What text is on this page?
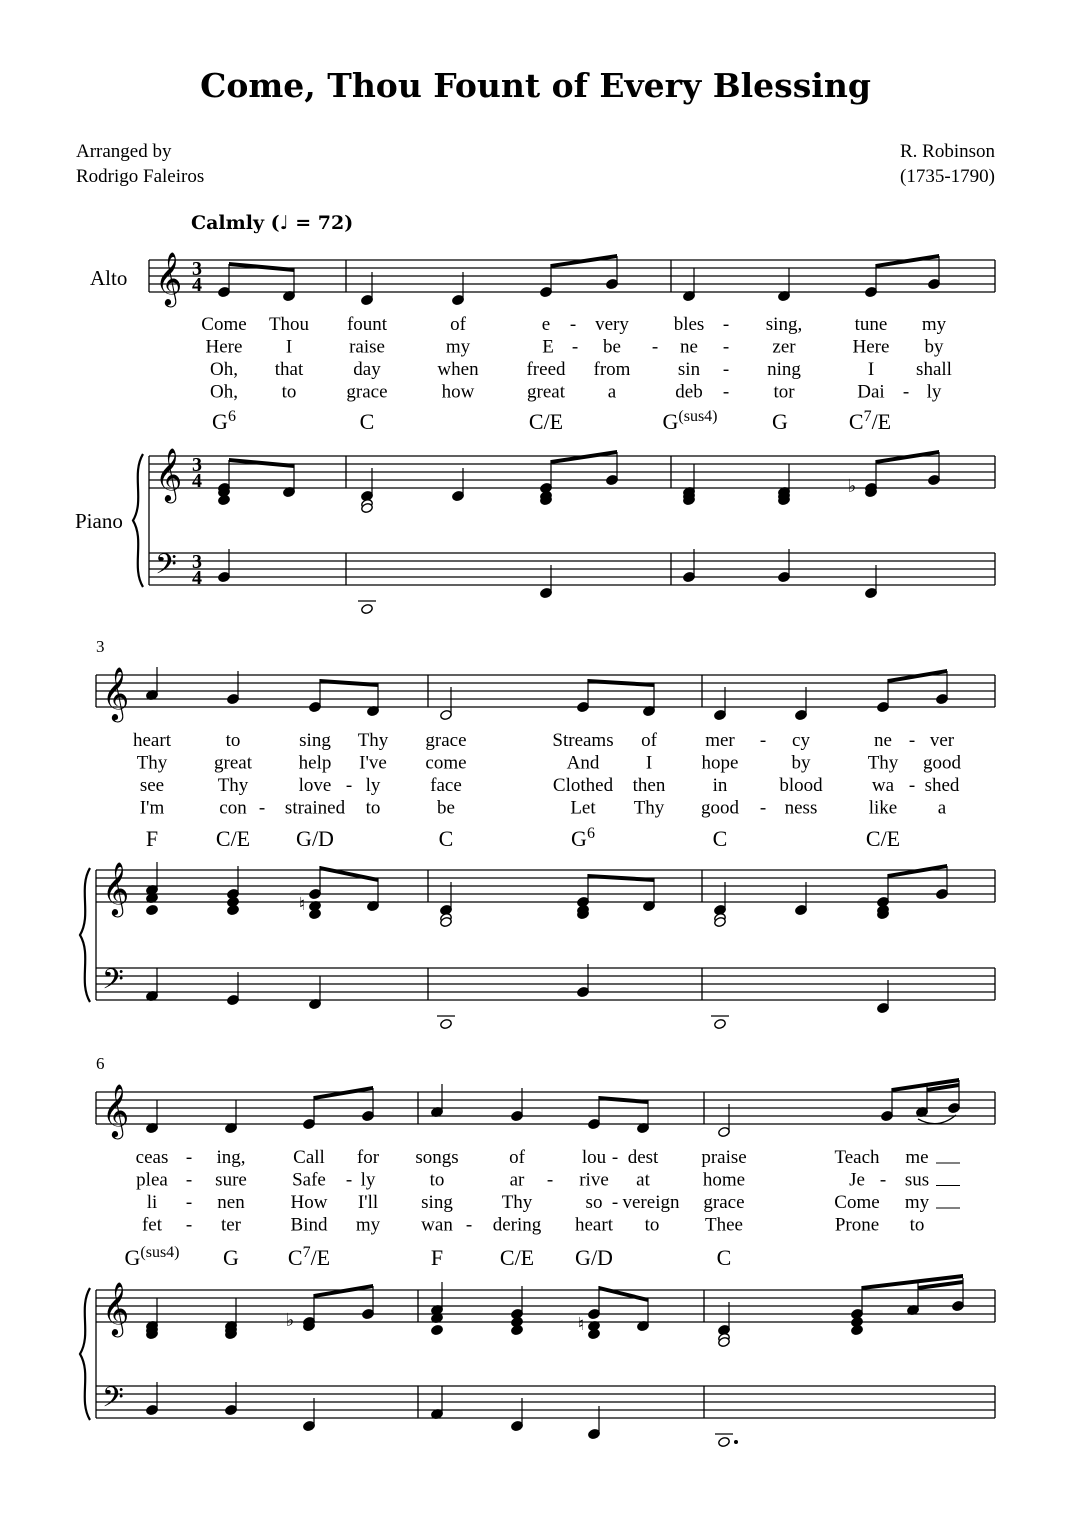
Come, Thou Fount of Every Blessing
Arranged by
Rodrigo Faleiros
R. Robinson
(1735-1790)
Calmly (♩ = 72)
Alto
Piano
3
6
𝄞
𝄞
𝄢
3
4
3
4
3
4
Come Thou fount	of	e - very bles - sing,	tune my
Here I	raise	my	E - be - ne - zer	Here by
Oh, that	day	when	freed from sin - ning	I shall
Oh, to	grace	how	great a	deb - tor	Dai - ly
$G^6$	C	C/E	$G^{(sus4)}$ G	$C^7/E$
♭
𝄞
𝄞
𝄢
heart	to	sing Thy grace	Streams of	mer - cy	ne - ver
Thy great help I've come	And I	hope	by	Thy good
see	Thy	love - ly	face	Clothed then in	blood	wa - shed
I'm	con - strained to	be	Let Thy good - ness	like a
F	C/E G/D	C	$G^6$	C	C/E
♮
𝄞
𝄞
𝄢
ceas - ing,	Call for songs	of	lou - dest praise	Teach me
plea - sure Safe - ly	to	ar - rive at	home	Je - sus
li - nen How I'll sing	Thy	so - vereign grace	Come my
fet - ter	Bind my wan - dering heart to Thee	Prone to
$G^{(sus4)}$ G $C^7/E$	F	C/E G/D	C
♭	♮
